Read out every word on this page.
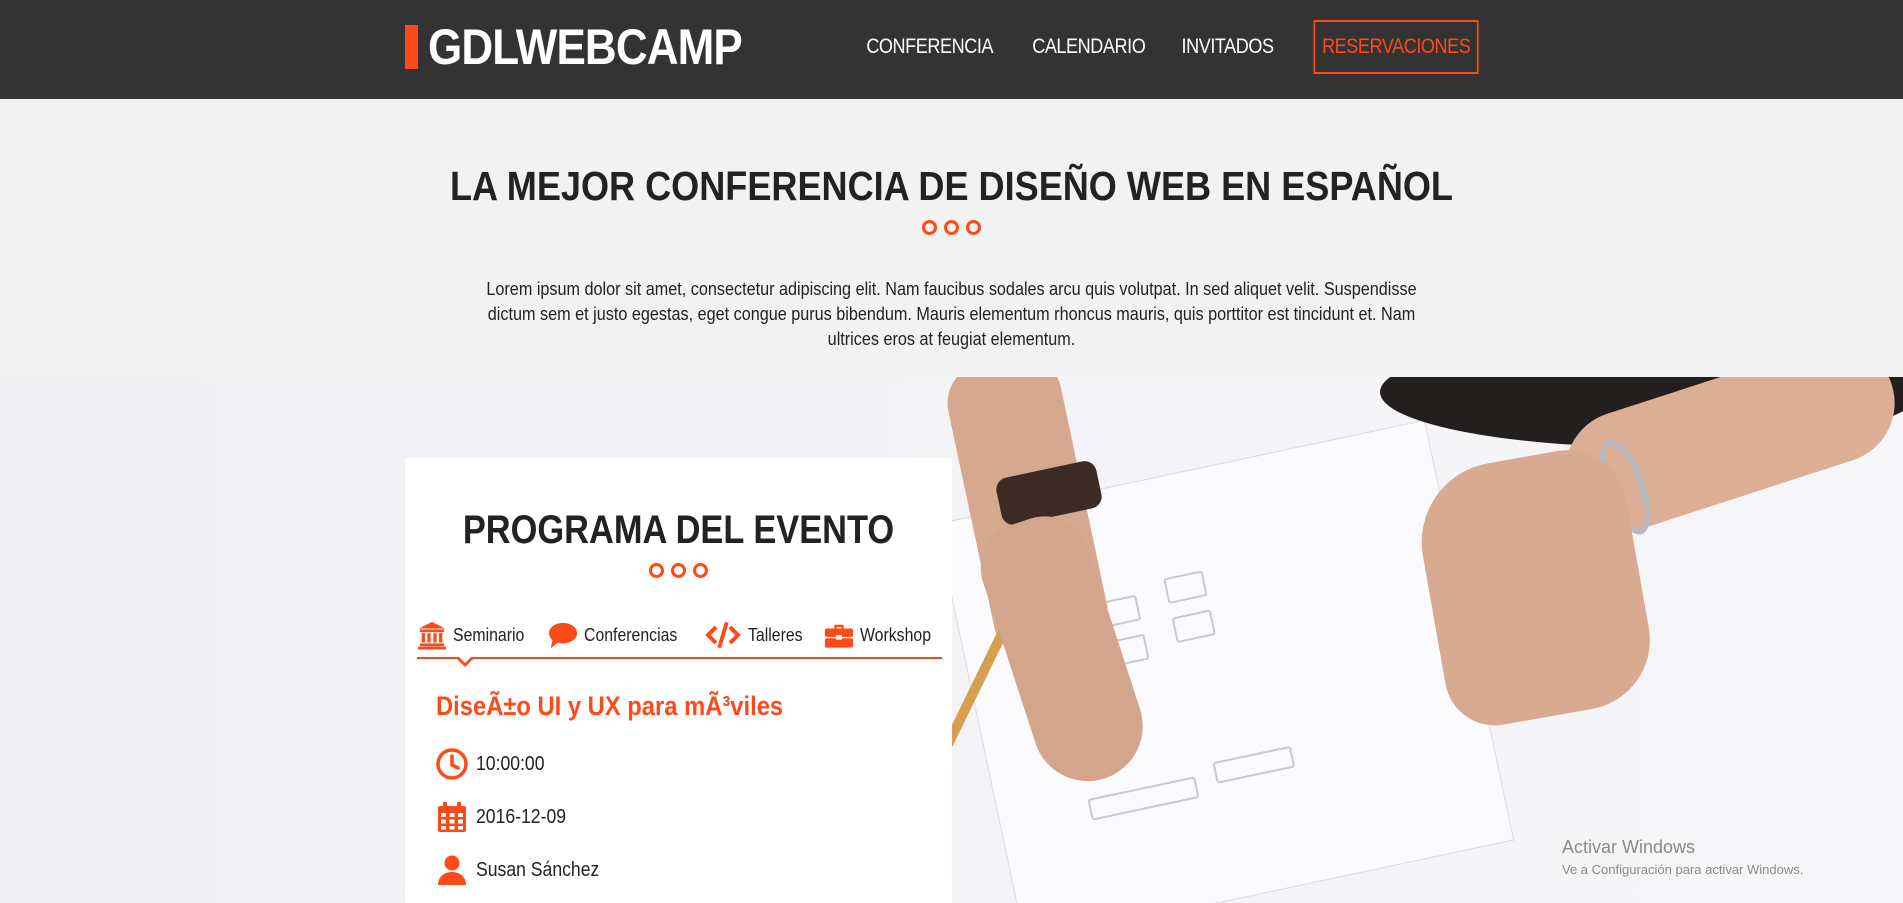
GDLWEBCAMP	CONFERENCIA CALENDARIO INVITADOS	RESERVACIONES
LA MEJOR CONFERENCIA DE DISEÑO WEB EN ESPAÑOL

Lorem ipsum dolor sit amet, consectetur adipiscing elit. Nam faucibus sodales arcu quis volutpat. In sed aliquet velit. Suspendisse dictum sem et justo egestas, eget congue purus bibendum. Mauris elementum rhoncus mauris, quis porttitor est tincidunt et. Nam ultrices eros at feugiat elementum.

Activar Windows
Ve a Configuración para activar Windows.
PROGRAMA DEL EVENTO
Seminario	Conferencias	Talleres	Workshop
DiseÃ±o UI y UX para mÃ³viles
10:00:00
2016-12-09
Susan Sánchez
